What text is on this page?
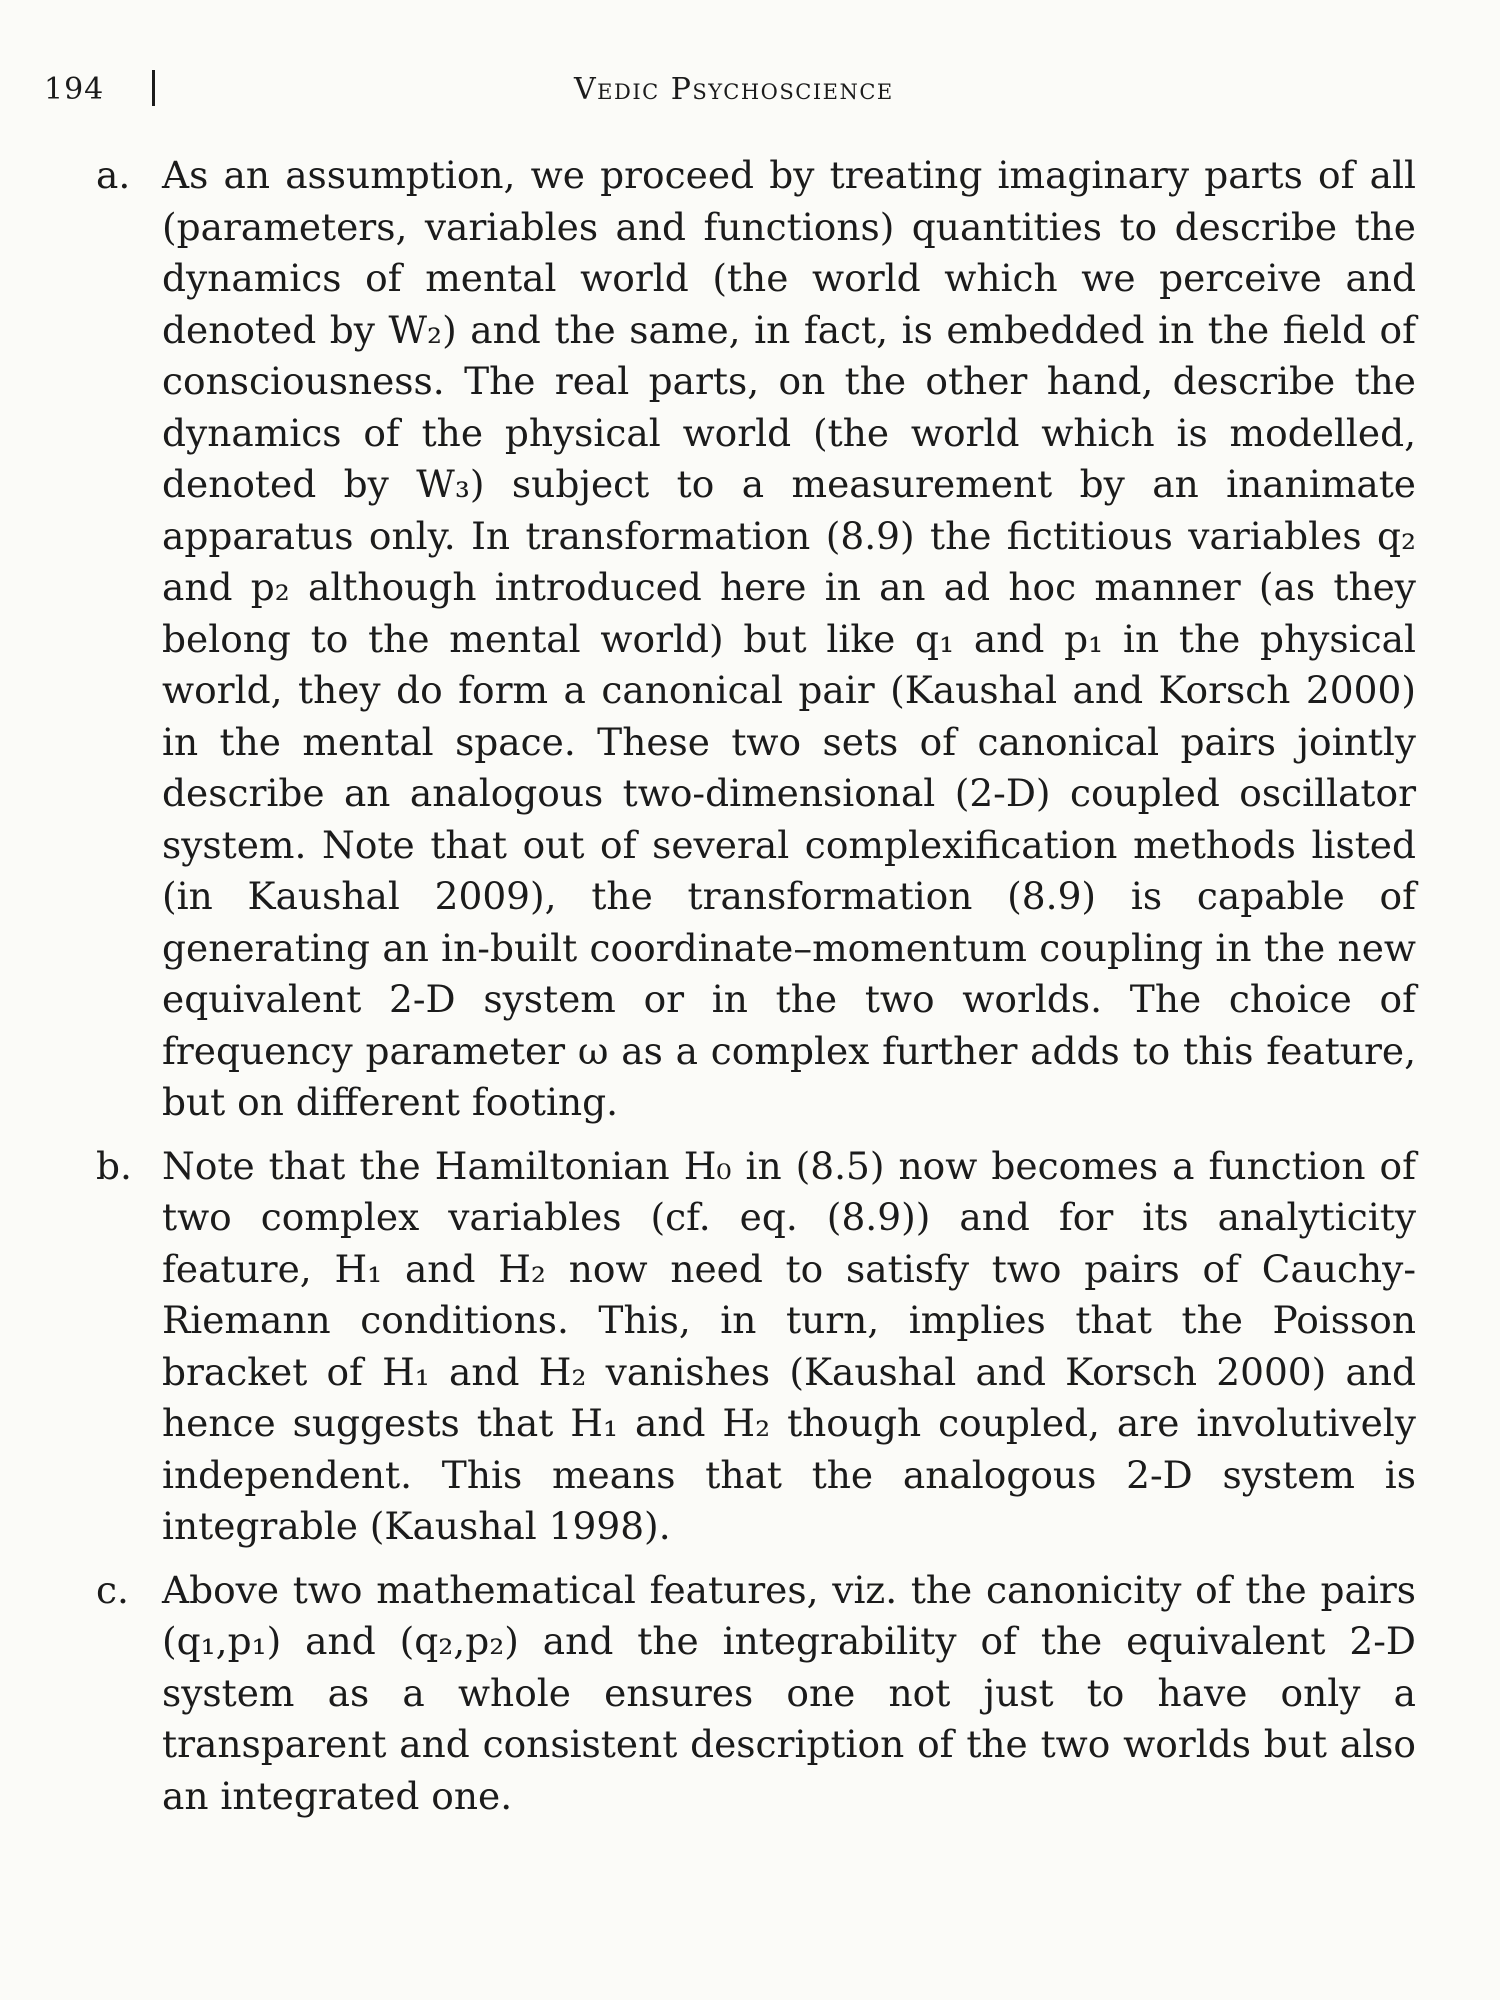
194	Vedic Psychoscience
a. As an assumption, we proceed by treating imaginary parts of all (parameters, variables and functions) quantities to describe the dynamics of mental world (the world which we perceive and denoted by W₂) and the same, in fact, is embedded in the field of consciousness. The real parts, on the other hand, describe the dynamics of the physical world (the world which is modelled, denoted by W₃) subject to a measurement by an inanimate apparatus only. In transformation (8.9) the fictitious variables q₂ and p₂ although introduced here in an ad hoc manner (as they belong to the mental world) but like q₁ and p₁ in the physical world, they do form a canonical pair (Kaushal and Korsch 2000) in the mental space. These two sets of canonical pairs jointly describe an analogous two-dimensional (2-D) coupled oscillator system. Note that out of several complexification methods listed (in Kaushal 2009), the transformation (8.9) is capable of generating an in-built coordinate–momentum coupling in the new equivalent 2-D system or in the two worlds. The choice of frequency parameter ω as a complex further adds to this feature, but on different footing.
b. Note that the Hamiltonian H₀ in (8.5) now becomes a function of two complex variables (cf. eq. (8.9)) and for its analyticity feature, H₁ and H₂ now need to satisfy two pairs of Cauchy-Riemann conditions. This, in turn, implies that the Poisson bracket of H₁ and H₂ vanishes (Kaushal and Korsch 2000) and hence suggests that H₁ and H₂ though coupled, are involutively independent. This means that the analogous 2-D system is integrable (Kaushal 1998).
c. Above two mathematical features, viz. the canonicity of the pairs (q₁,p₁) and (q₂,p₂) and the integrability of the equivalent 2-D system as a whole ensures one not just to have only a transparent and consistent description of the two worlds but also an integrated one.
